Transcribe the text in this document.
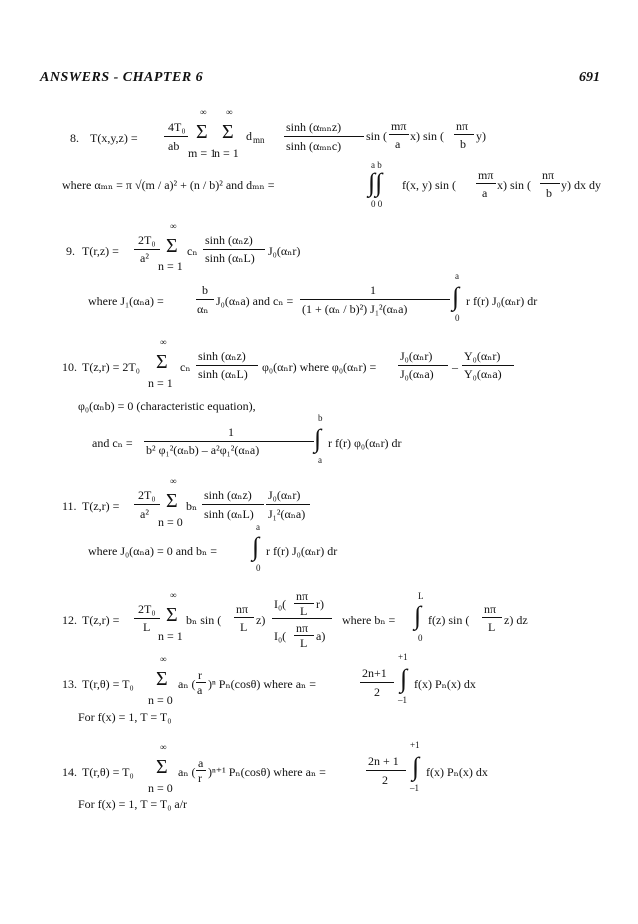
ANSWERS - CHAPTER 6	691
8. T(x,y,z) =
4T₀
ab
∞
Σ
m = 1
∞
Σ
n = 1
d mn
sinh (αₘₙz)
sinh (αₘₙc)
sin (
mπ
a
x) sin (
nπ
b
y)
where αₘₙ = π √(m / a)² + (n / b)² and dₘₙ =
a b
∫∫
0 0
f(x, y) sin (
mπ
a
x) sin (
nπ
b
y) dx dy
9. T(r,z) =
2T₀
a²
∞
Σ
n = 1
cₙ
sinh (αₙz)
sinh (αₙL) J₀(αₙr)
where J₁(αₙa) =
b
αₙ
J₀(αₙa) and cₙ =
1
(1 + (αₙ / b)²) J₁²(αₙa)
a
∫
0
r f(r) J₀(αₙr) dr
10. T(z,r) = 2T₀
∞
Σ
n = 1
cₙ
sinh (αₙz)
sinh (αₙL) φ₀(αₙr) where φ₀(αₙr) =
J₀(αₙr)
J₀(αₙa) –
Y₀(αₙr)
Y₀(αₙa)
φ₀(αₙb) = 0 (characteristic equation),
and cₙ =
1
b² φ₁²(αₙb) – a²φ₁²(αₙa)
b
∫
a
r f(r) φ₀(αₙr) dr
11. T(z,r) =
2T₀
a²
∞
Σ
n = 0
bₙ
sinh (αₙz)
sinh (αₙL)
J₀(αₙr)
J₁²(αₙa)
where J₀(αₙa) = 0 and bₙ =
a
∫
0
r f(r) J₀(αₙr) dr
12. T(z,r) =
2T₀
L
∞
Σ
n = 1
bₙ sin (
nπ
L z)
I₀(
nπ
L r)
I₀(
nπ
L a)
where bₙ =
L
∫
0
f(z) sin (
nπ
L z) dz
13. T(r,θ) = T₀
∞
Σ
n = 0
aₙ (
r
a )ⁿ Pₙ(cosθ) where aₙ =
2n+1
2
+1
∫
–1
f(x) Pₙ(x) dx
For f(x) = 1, T = T₀
14. T(r,θ) = T₀
∞
Σ
n = 0
aₙ (
a
r )ⁿ⁺¹ Pₙ(cosθ) where aₙ =
2n + 1
2
+1
∫
–1
f(x) Pₙ(x) dx
For f(x) = 1, T = T₀ a/r
